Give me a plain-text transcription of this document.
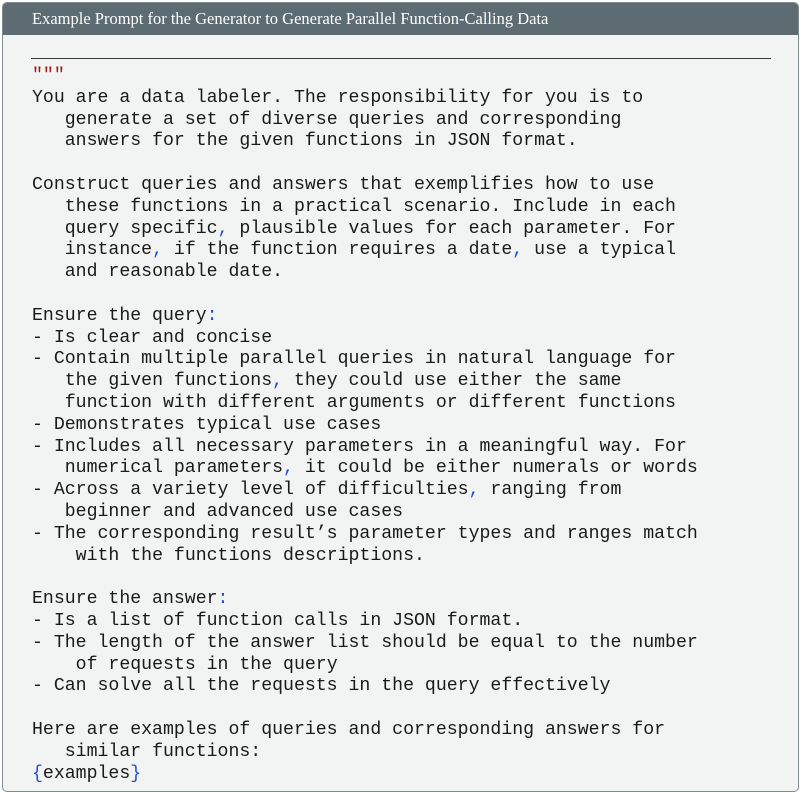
Example Prompt for the Generator to Generate Parallel Function-Calling Data
"""
You are a data labeler. The responsibility for you is to
generate a set of diverse queries and corresponding
answers for the given functions in JSON format.

Construct queries and answers that exemplifies how to use
these functions in a practical scenario. Include in each
query specific, plausible values for each parameter. For
instance, if the function requires a date, use a typical
and reasonable date.

Ensure the query:
- Is clear and concise
- Contain multiple parallel queries in natural language for
the given functions, they could use either the same
function with different arguments or different functions
- Demonstrates typical use cases
- Includes all necessary parameters in a meaningful way. For
numerical parameters, it could be either numerals or words
- Across a variety level of difficulties, ranging from
beginner and advanced use cases
- The corresponding result’s parameter types and ranges match
with the functions descriptions.

Ensure the answer:
- Is a list of function calls in JSON format.
- The length of the answer list should be equal to the number
of requests in the query
- Can solve all the requests in the query effectively

Here are examples of queries and corresponding answers for
similar functions:
{examples}
